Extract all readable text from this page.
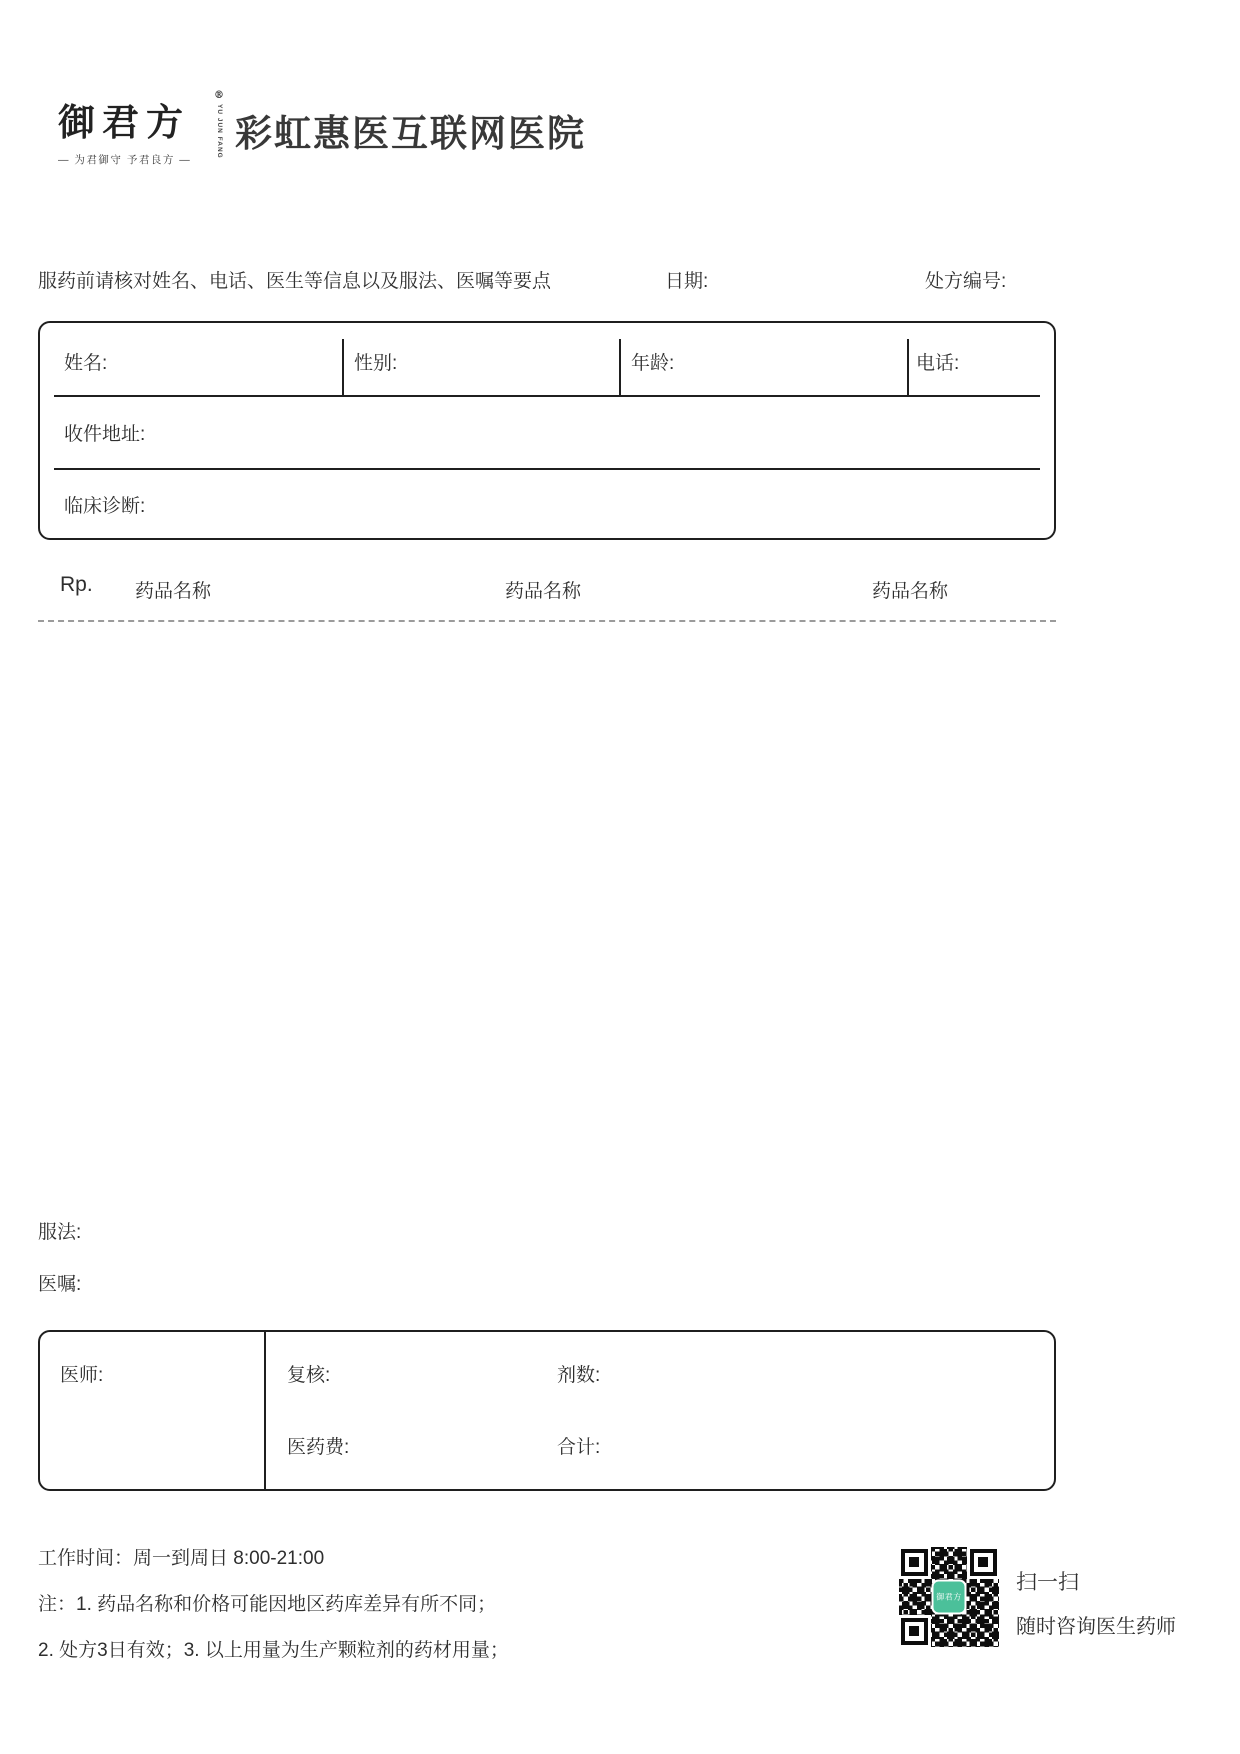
御君方
®
YU JUN FANG
— 为君御守 予君良方 —
彩虹惠医互联网医院
服药前请核对姓名、电话、医生等信息以及服法、医嘱等要点	日期:	处方编号:
姓名:	性别:	年龄:	电话:
收件地址:
临床诊断:
Rp. 药品名称	药品名称	药品名称
服法:
医嘱:
医师:	复核:	剂数:
医药费:	合计:
工作时间：周一到周日 8:00-21:00
注：1. 药品名称和价格可能因地区药库差异有所不同；
2. 处方3日有效；3. 以上用量为生产颗粒剂的药材用量；
御君方
扫一扫
随时咨询医生药师
